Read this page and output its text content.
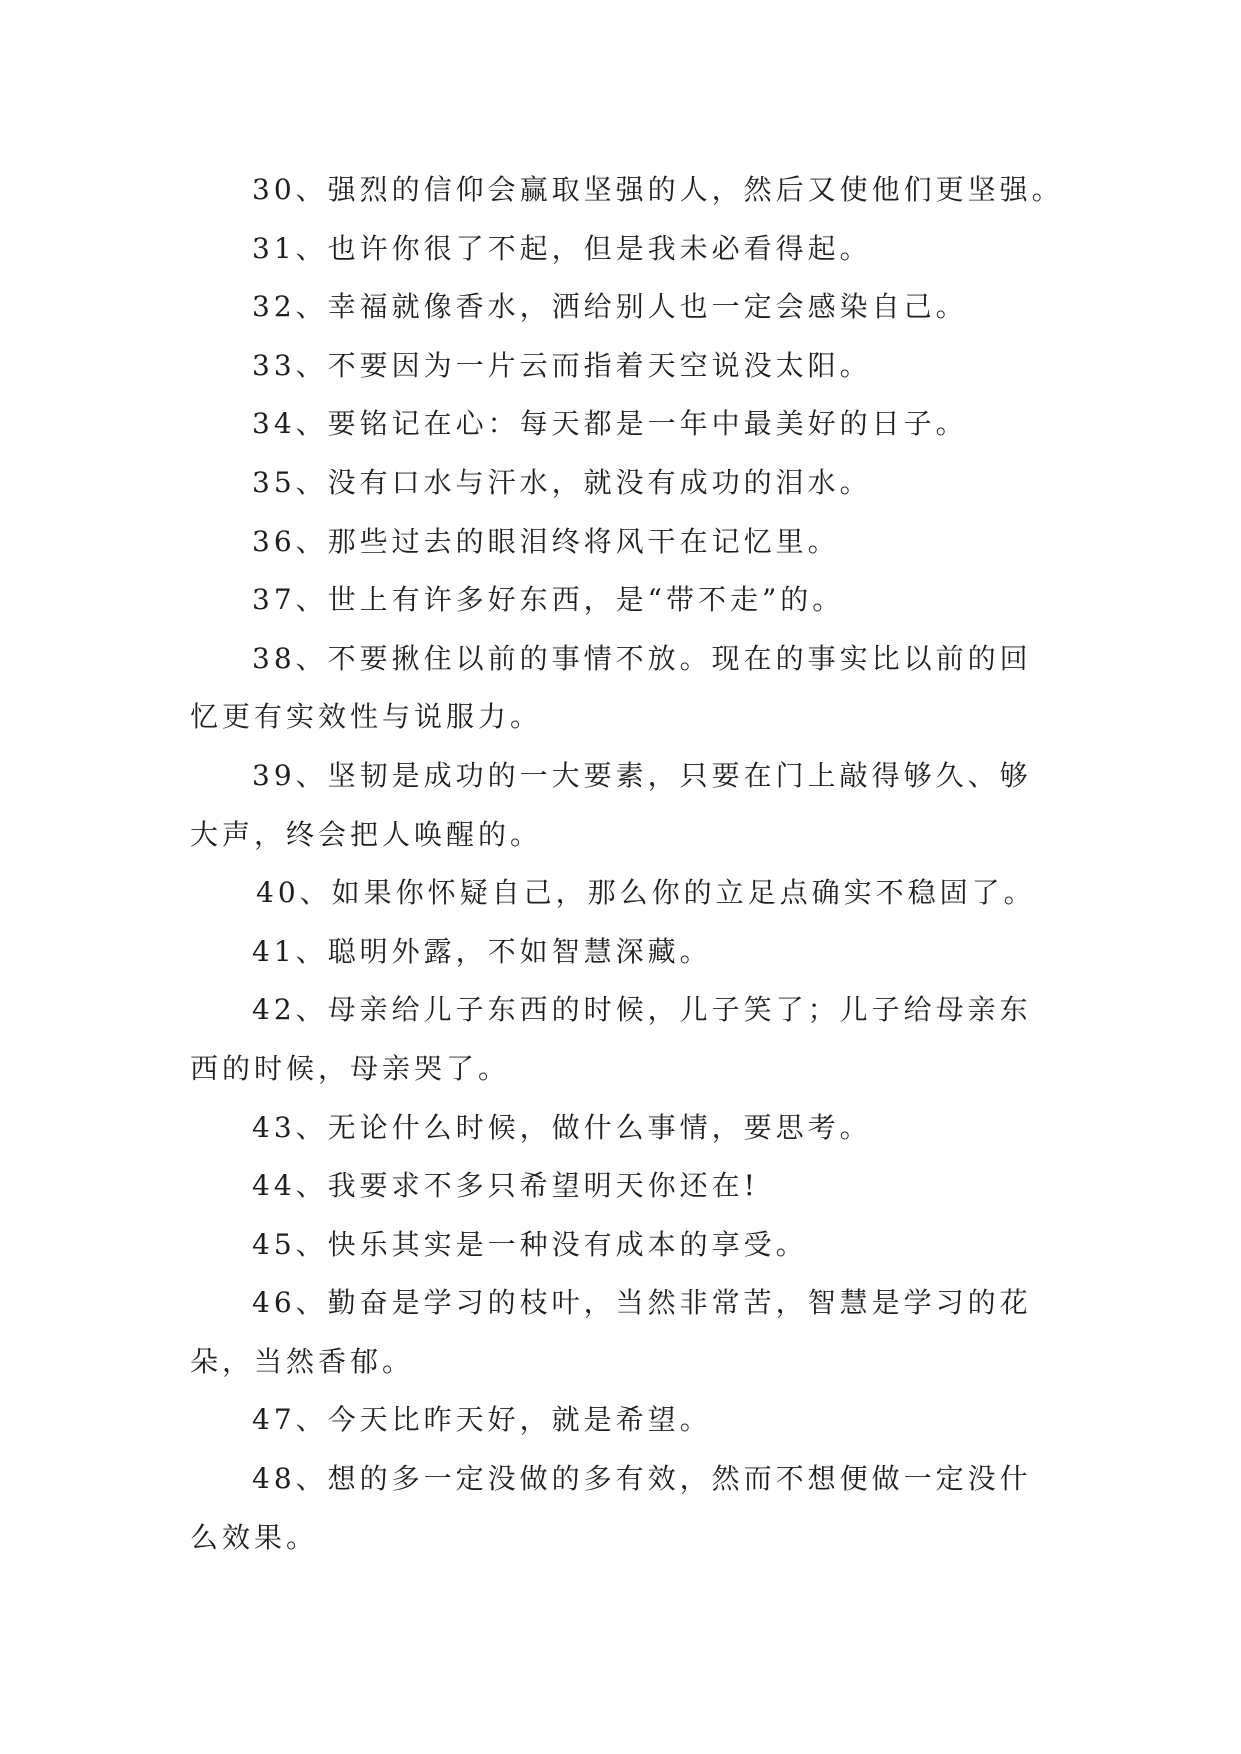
30、强烈的信仰会赢取坚强的人，然后又使他们更坚强。

31、也许你很了不起，但是我未必看得起。

32、幸福就像香水，洒给别人也一定会感染自己。

33、不要因为一片云而指着天空说没太阳。

34、要铭记在心：每天都是一年中最美好的日子。

35、没有口水与汗水，就没有成功的泪水。

36、那些过去的眼泪终将风干在记忆里。

37、世上有许多好东西，是“带不走”的。

38、不要揪住以前的事情不放。现在的事实比以前的回忆更有实效性与说服力。

39、坚韧是成功的一大要素，只要在门上敲得够久、够大声，终会把人唤醒的。

40、如果你怀疑自己，那么你的立足点确实不稳固了。

41、聪明外露，不如智慧深藏。

42、母亲给儿子东西的时候，儿子笑了；儿子给母亲东西的时候，母亲哭了。

43、无论什么时候，做什么事情，要思考。

44、我要求不多只希望明天你还在!

45、快乐其实是一种没有成本的享受。

46、勤奋是学习的枝叶，当然非常苦，智慧是学习的花朵，当然香郁。

47、今天比昨天好，就是希望。

48、想的多一定没做的多有效，然而不想便做一定没什么效果。
